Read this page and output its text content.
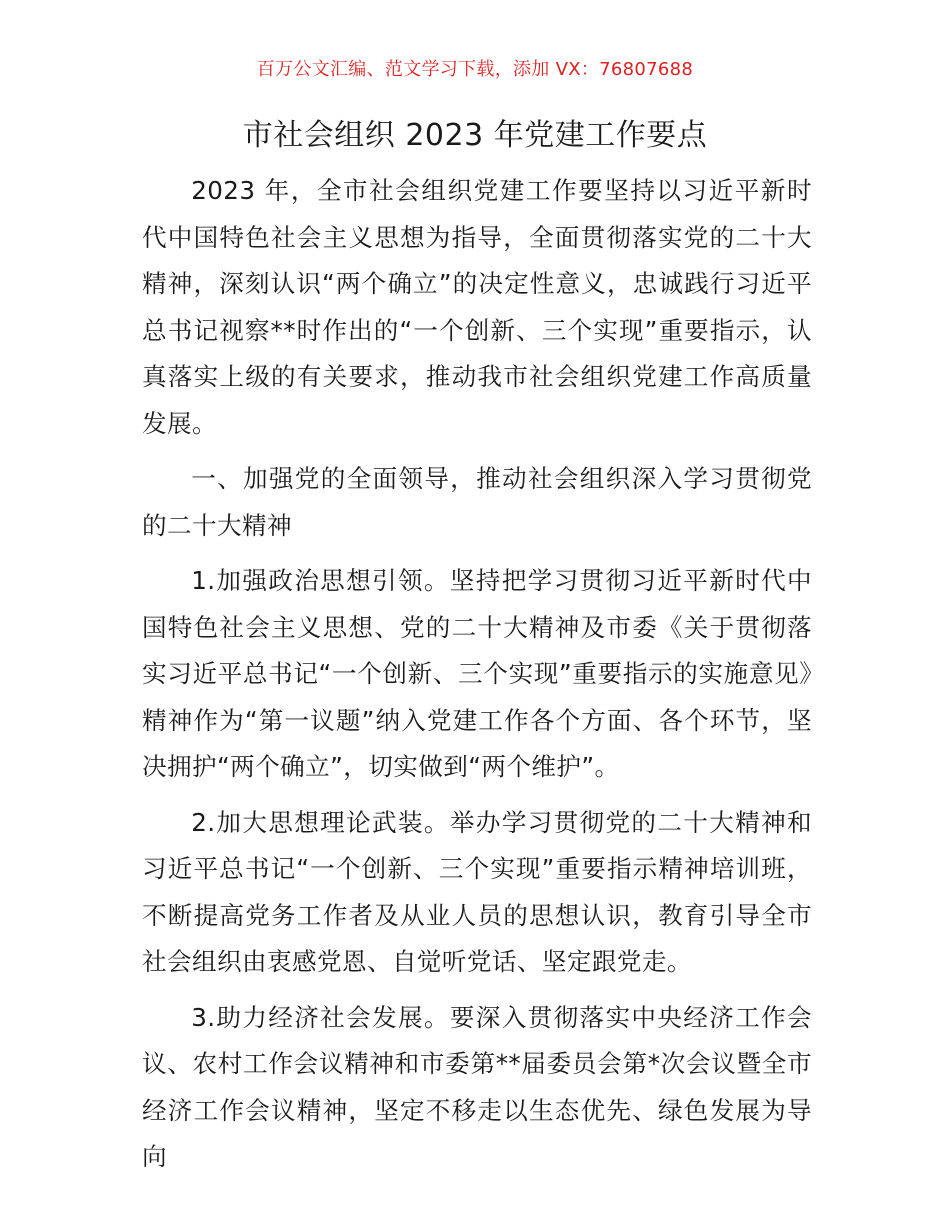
百万公文汇编、范文学习下载，添加 VX：76807688
市社会组织 2023 年党建工作要点

2023 年，全市社会组织党建工作要坚持以习近平新时代中国特色社会主义思想为指导，全面贯彻落实党的二十大精神，深刻认识“两个确立”的决定性意义，忠诚践行习近平总书记视察**时作出的“一个创新、三个实现”重要指示，认真落实上级的有关要求，推动我市社会组织党建工作高质量发展。

一、加强党的全面领导，推动社会组织深入学习贯彻党的二十大精神

1.加强政治思想引领。坚持把学习贯彻习近平新时代中国特色社会主义思想、党的二十大精神及市委《关于贯彻落实习近平总书记“一个创新、三个实现”重要指示的实施意见》精神作为“第一议题”纳入党建工作各个方面、各个环节，坚决拥护“两个确立”，切实做到“两个维护”。

2.加大思想理论武装。举办学习贯彻党的二十大精神和习近平总书记“一个创新、三个实现”重要指示精神培训班，不断提高党务工作者及从业人员的思想认识，教育引导全市社会组织由衷感党恩、自觉听党话、坚定跟党走。

3.助力经济社会发展。要深入贯彻落实中央经济工作会议、农村工作会议精神和市委第**届委员会第*次会议暨全市经济工作会议精神，坚定不移走以生态优先、绿色发展为导向
